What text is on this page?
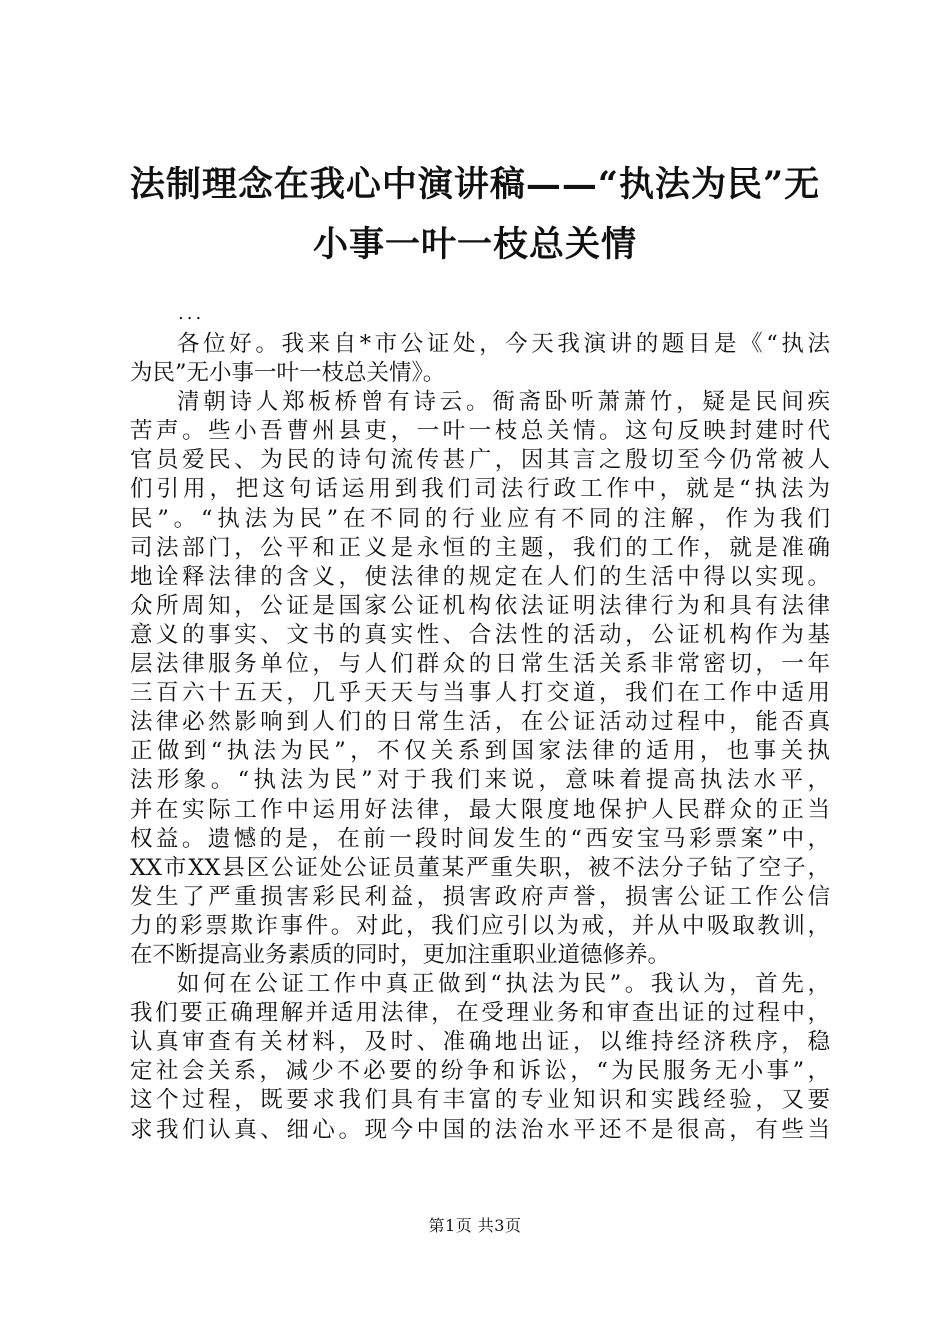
法制理念在我心中演讲稿——“执法为民”无
小事一叶一枝总关情
...
各位好。我来自*市公证处，今天我演讲的题目是《“执法
为民”无小事一叶一枝总关情》。
清朝诗人郑板桥曾有诗云。衙斋卧听萧萧竹，疑是民间疾
苦声。些小吾曹州县吏，一叶一枝总关情。这句反映封建时代
官员爱民、为民的诗句流传甚广，因其言之殷切至今仍常被人
们引用，把这句话运用到我们司法行政工作中，就是“执法为
民”。“执法为民”在不同的行业应有不同的注解，作为我们
司法部门，公平和正义是永恒的主题，我们的工作，就是准确
地诠释法律的含义，使法律的规定在人们的生活中得以实现。
众所周知，公证是国家公证机构依法证明法律行为和具有法律
意义的事实、文书的真实性、合法性的活动，公证机构作为基
层法律服务单位，与人们群众的日常生活关系非常密切，一年
三百六十五天，几乎天天与当事人打交道，我们在工作中适用
法律必然影响到人们的日常生活，在公证活动过程中，能否真
正做到“执法为民”，不仅关系到国家法律的适用，也事关执
法形象。“执法为民”对于我们来说，意味着提高执法水平，
并在实际工作中运用好法律，最大限度地保护人民群众的正当
权益。遗憾的是，在前一段时间发生的“西安宝马彩票案”中，
XX市XX县区公证处公证员董某严重失职，被不法分子钻了空子，
发生了严重损害彩民利益，损害政府声誉，损害公证工作公信
力的彩票欺诈事件。对此，我们应引以为戒，并从中吸取教训，
在不断提高业务素质的同时，更加注重职业道德修养。
如何在公证工作中真正做到“执法为民”。我认为，首先，
我们要正确理解并适用法律，在受理业务和审查出证的过程中，
认真审查有关材料，及时、准确地出证，以维持经济秩序，稳
定社会关系，减少不必要的纷争和诉讼，“为民服务无小事”，
这个过程，既要求我们具有丰富的专业知识和实践经验，又要
求我们认真、细心。现今中国的法治水平还不是很高，有些当
第1页 共3页
